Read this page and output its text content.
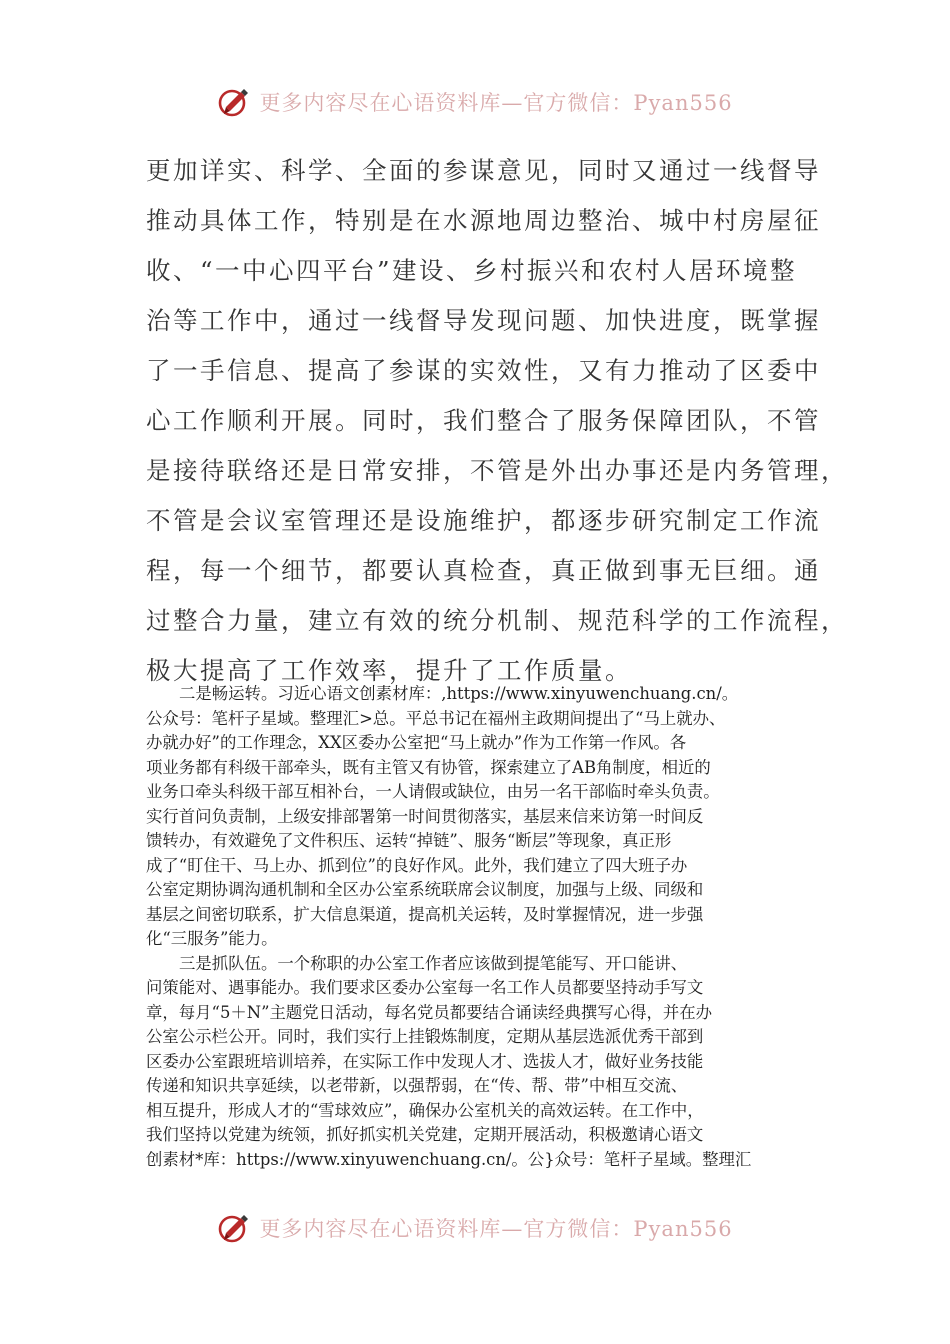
更多内容尽在心语资料库—官方微信：Pyan556
更加详实、科学、全面的参谋意见，同时又通过一线督导
推动具体工作，特别是在水源地周边整治、城中村房屋征
收、“一中心四平台”建设、乡村振兴和农村人居环境整
治等工作中，通过一线督导发现问题、加快进度，既掌握
了一手信息、提高了参谋的实效性，又有力推动了区委中
心工作顺利开展。同时，我们整合了服务保障团队，不管
是接待联络还是日常安排，不管是外出办事还是内务管理，
不管是会议室管理还是设施维护，都逐步研究制定工作流
程，每一个细节，都要认真检查，真正做到事无巨细。通
过整合力量，建立有效的统分机制、规范科学的工作流程，
极大提高了工作效率，提升了工作质量。
二是畅运转。习近心语文创素材库：,https://www.xinyuwenchuang.cn/。
公众号：笔杆子星域。整理汇>总。平总书记在福州主政期间提出了“马上就办、
办就办好”的工作理念，XX区委办公室把“马上就办”作为工作第一作风。各
项业务都有科级干部牵头，既有主管又有协管，探索建立了AB角制度，相近的
业务口牵头科级干部互相补台，一人请假或缺位，由另一名干部临时牵头负责。
实行首问负责制，上级安排部署第一时间贯彻落实，基层来信来访第一时间反
馈转办，有效避免了文件积压、运转“掉链”、服务“断层”等现象，真正形
成了“盯住干、马上办、抓到位”的良好作风。此外，我们建立了四大班子办
公室定期协调沟通机制和全区办公室系统联席会议制度，加强与上级、同级和
基层之间密切联系，扩大信息渠道，提高机关运转，及时掌握情况，进一步强
化“三服务”能力。
三是抓队伍。一个称职的办公室工作者应该做到提笔能写、开口能讲、
问策能对、遇事能办。我们要求区委办公室每一名工作人员都要坚持动手写文
章，每月“5＋N”主题党日活动，每名党员都要结合诵读经典撰写心得，并在办
公室公示栏公开。同时，我们实行上挂锻炼制度，定期从基层选派优秀干部到
区委办公室跟班培训培养，在实际工作中发现人才、选拔人才，做好业务技能
传递和知识共享延续，以老带新，以强帮弱，在“传、帮、带”中相互交流、
相互提升，形成人才的“雪球效应”，确保办公室机关的高效运转。在工作中，
我们坚持以党建为统领，抓好抓实机关党建，定期开展活动，积极邀请心语文
创素材*库：https://www.xinyuwenchuang.cn/。公}众号：笔杆子星域。整理汇
更多内容尽在心语资料库—官方微信：Pyan556
